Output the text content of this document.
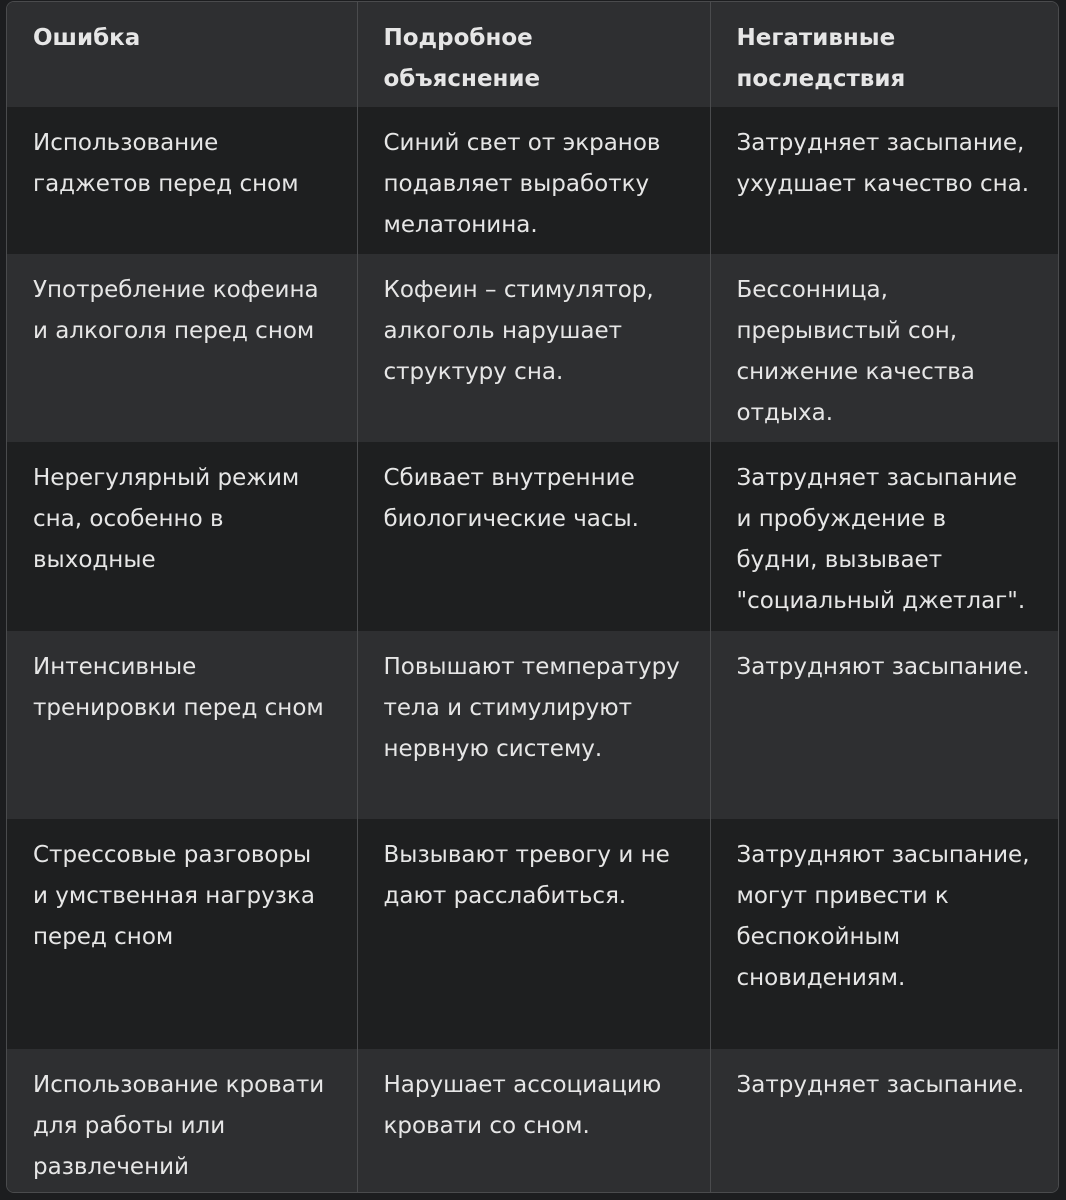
Ошибка	Подробное объяснение	Негативные последствия
Использование гаджетов перед сном	Синий свет от экранов подавляет выработку мелатонина.	Затрудняет засыпание, ухудшает качество сна.
Употребление кофеина и алкоголя перед сном	Кофеин – стимулятор, алкоголь нарушает структуру сна.	Бессонница, прерывистый сон, снижение качества отдыха.
Нерегулярный режим сна, особенно в выходные	Сбивает внутренние биологические часы.	Затрудняет засыпание и пробуждение в будни, вызывает "социальный джетлаг".
Интенсивные тренировки перед сном	Повышают температуру тела и стимулируют нервную систему.	Затрудняют засыпание.
Стрессовые разговоры и умственная нагрузка перед сном	Вызывают тревогу и не дают расслабиться.	Затрудняют засыпание, могут привести к беспокойным сновидениям.
Использование кровати для работы или развлечений	Нарушает ассоциацию кровати со сном.	Затрудняет засыпание.
